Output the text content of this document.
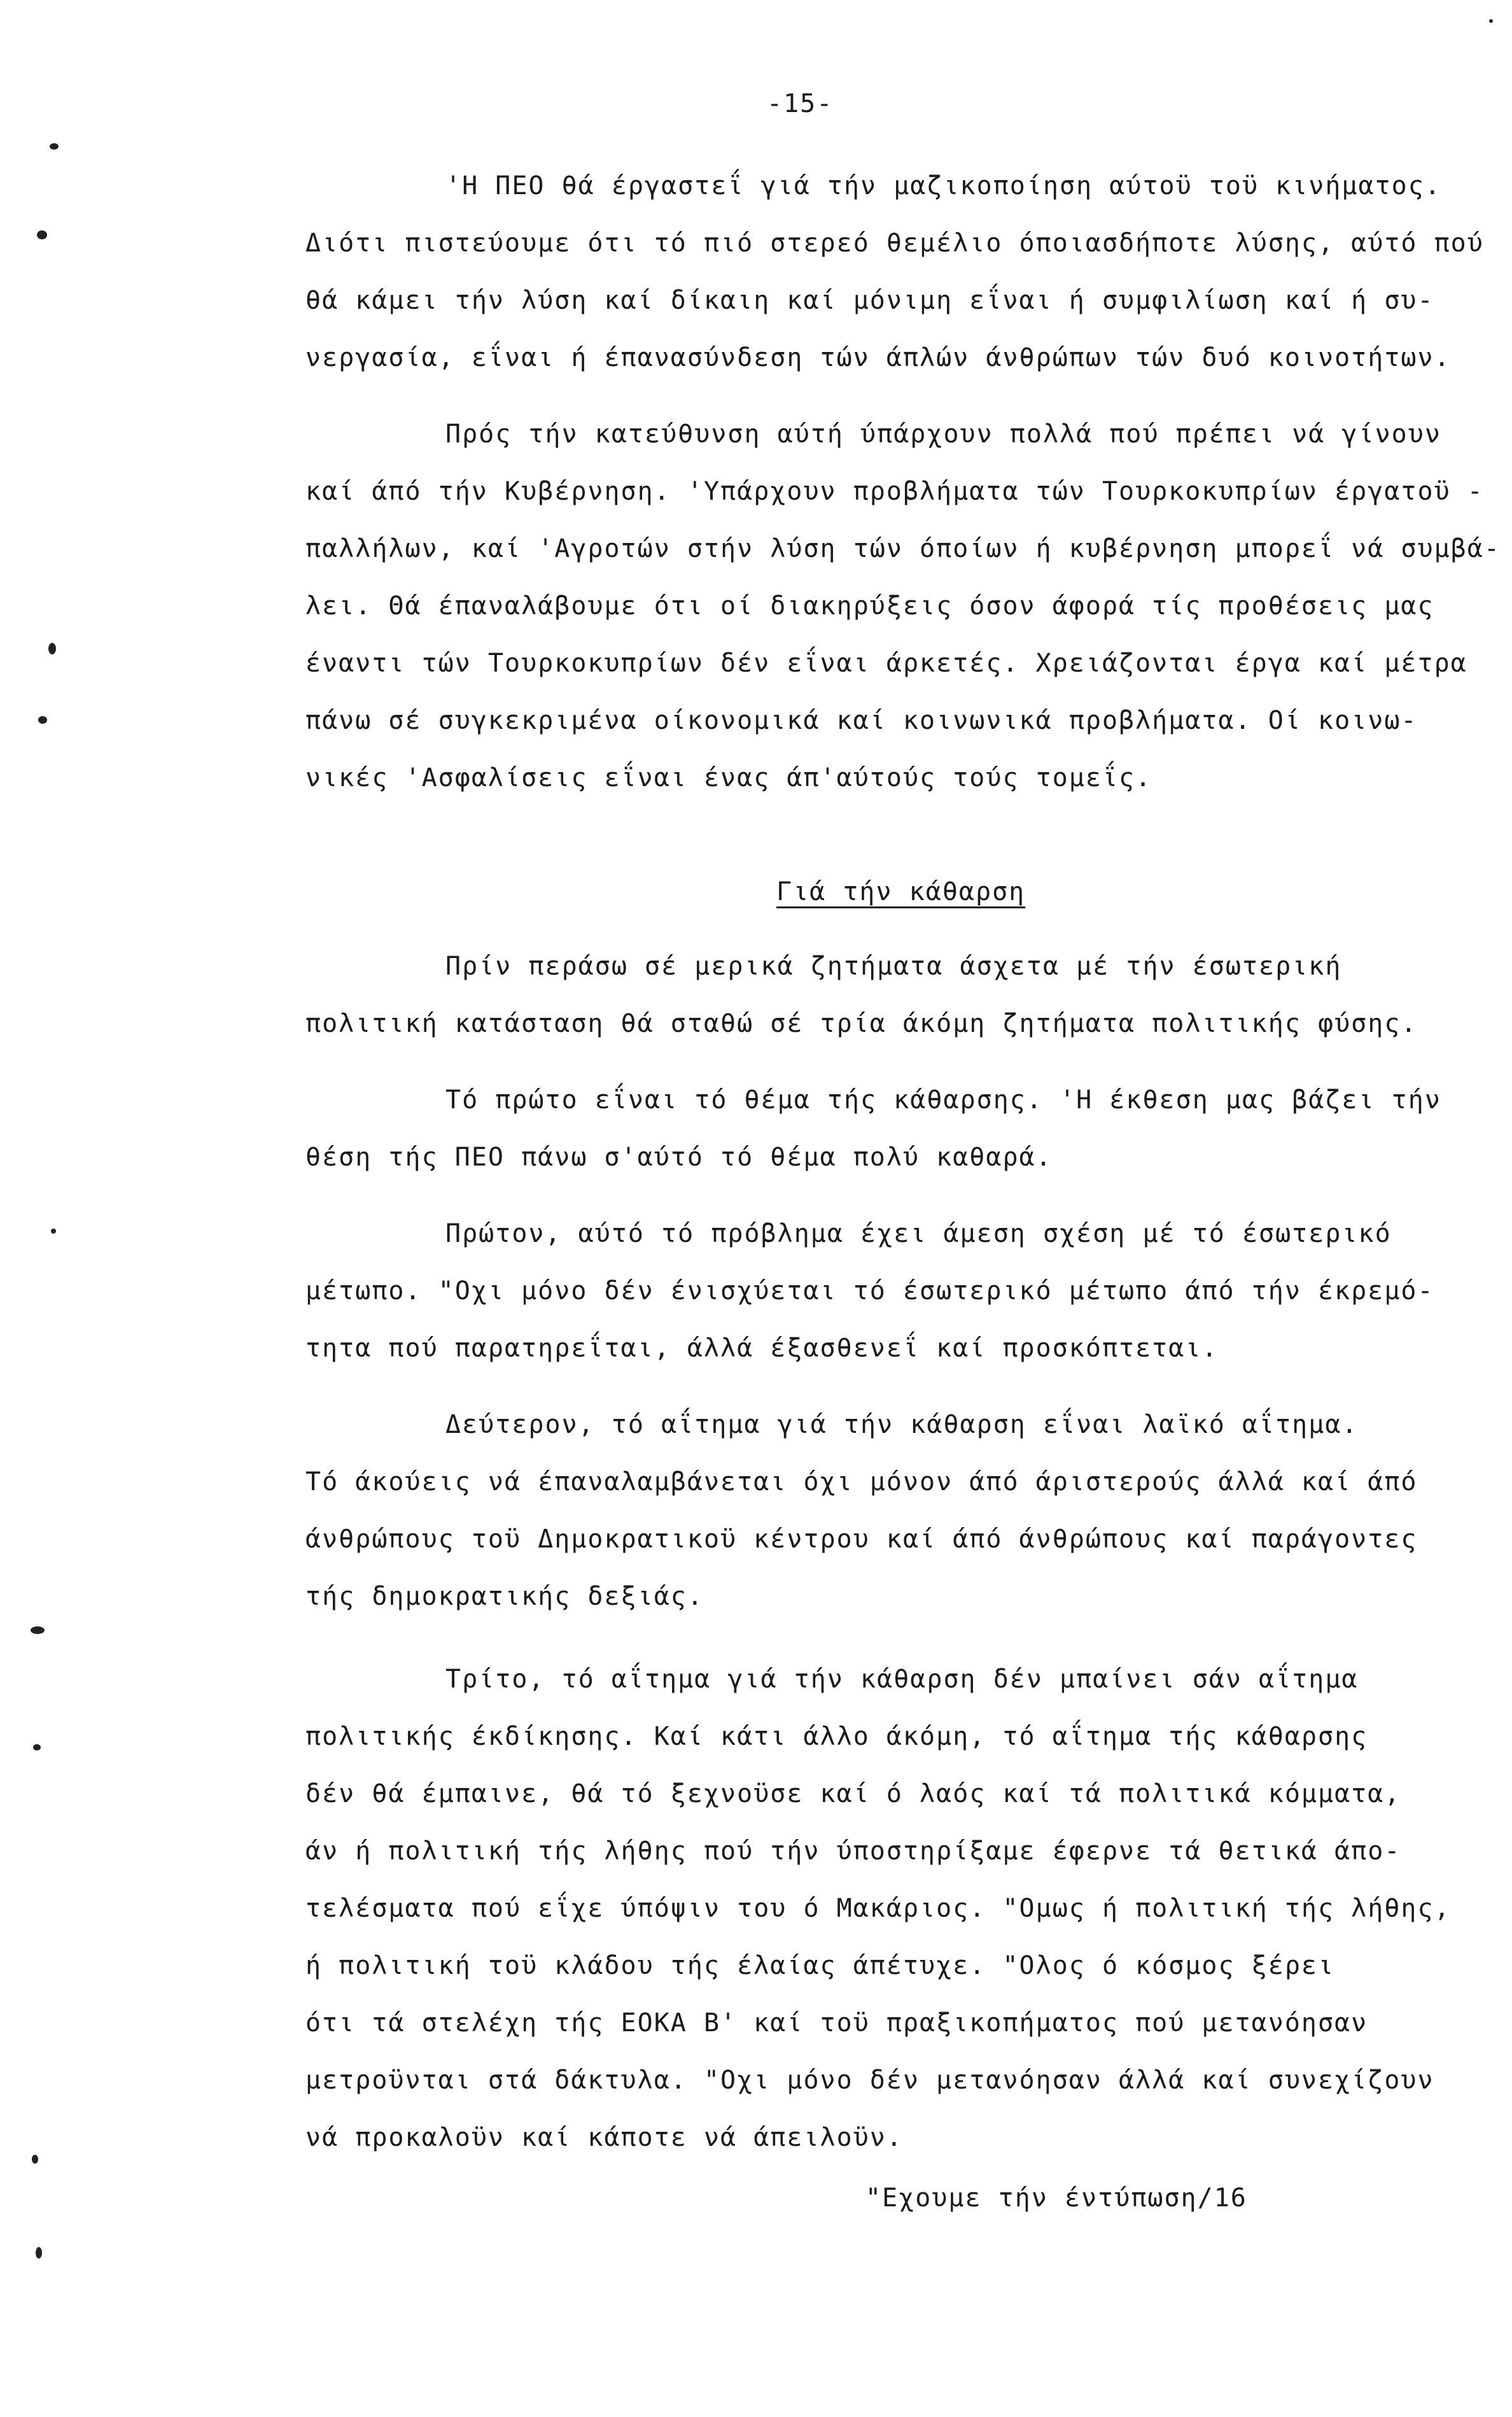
-15-
'Η ΠΕΟ θά έργαστεΐ γιά τήν μαζικοποίηση αύτοϋ τοϋ κινήματος.
Διότι πιστεύουμε ότι τό πιό στερεό θεμέλιο όποιασδήποτε λύσης, αύτό πού
θά κάμει τήν λύση καί δίκαιη καί μόνιμη εΐναι ή συμφιλίωση καί ή συ-
νεργασία, εΐναι ή έπανασύνδεση τών άπλών άνθρώπων τών δυό κοινοτήτων.
Πρός τήν κατεύθυνση αύτή ύπάρχουν πολλά πού πρέπει νά γίνουν
καί άπό τήν Κυβέρνηση. 'Υπάρχουν προβλήματα τών Τουρκοκυπρίων έργατοϋ -
παλλήλων, καί 'Αγροτών στήν λύση τών όποίων ή κυβέρνηση μπορεΐ νά συμβά-
λει. Θά έπαναλάβουμε ότι οί διακηρύξεις όσον άφορά τίς προθέσεις μας
έναντι τών Τουρκοκυπρίων δέν εΐναι άρκετές. Χρειάζονται έργα καί μέτρα
πάνω σέ συγκεκριμένα οίκονομικά καί κοινωνικά προβλήματα. Οί κοινω-
νικές 'Ασφαλίσεις εΐναι ένας άπ'αύτούς τούς τομεΐς.
Γιά τήν κάθαρση
Πρίν περάσω σέ μερικά ζητήματα άσχετα μέ τήν έσωτερική
πολιτική κατάσταση θά σταθώ σέ τρία άκόμη ζητήματα πολιτικής φύσης.
Τό πρώτο εΐναι τό θέμα τής κάθαρσης. 'Η έκθεση μας βάζει τήν
θέση τής ΠΕΟ πάνω σ'αύτό τό θέμα πολύ καθαρά.
Πρώτον, αύτό τό πρόβλημα έχει άμεση σχέση μέ τό έσωτερικό
μέτωπο. "Οχι μόνο δέν ένισχύεται τό έσωτερικό μέτωπο άπό τήν έκρεμό-
τητα πού παρατηρεΐται, άλλά έξασθενεΐ καί προσκόπτεται.
Δεύτερον, τό αΐτημα γιά τήν κάθαρση εΐναι λαϊκό αΐτημα.
Τό άκούεις νά έπαναλαμβάνεται όχι μόνον άπό άριστερούς άλλά καί άπό
άνθρώπους τοϋ Δημοκρατικοϋ κέντρου καί άπό άνθρώπους καί παράγοντες
τής δημοκρατικής δεξιάς.
Τρίτο, τό αΐτημα γιά τήν κάθαρση δέν μπαίνει σάν αΐτημα
πολιτικής έκδίκησης. Καί κάτι άλλο άκόμη, τό αΐτημα τής κάθαρσης
δέν θά έμπαινε, θά τό ξεχνοϋσε καί ό λαός καί τά πολιτικά κόμματα,
άν ή πολιτική τής λήθης πού τήν ύποστηρίξαμε έφερνε τά θετικά άπο-
τελέσματα πού εΐχε ύπόψιν του ό Μακάριος. "Ομως ή πολιτική τής λήθης,
ή πολιτική τοϋ κλάδου τής έλαίας άπέτυχε. "Ολος ό κόσμος ξέρει
ότι τά στελέχη τής ΕΟΚΑ Β' καί τοϋ πραξικοπήματος πού μετανόησαν
μετροϋνται στά δάκτυλα. "Οχι μόνο δέν μετανόησαν άλλά καί συνεχίζουν
νά προκαλοϋν καί κάποτε νά άπειλοϋν.
"Εχουμε τήν έντύπωση/16
